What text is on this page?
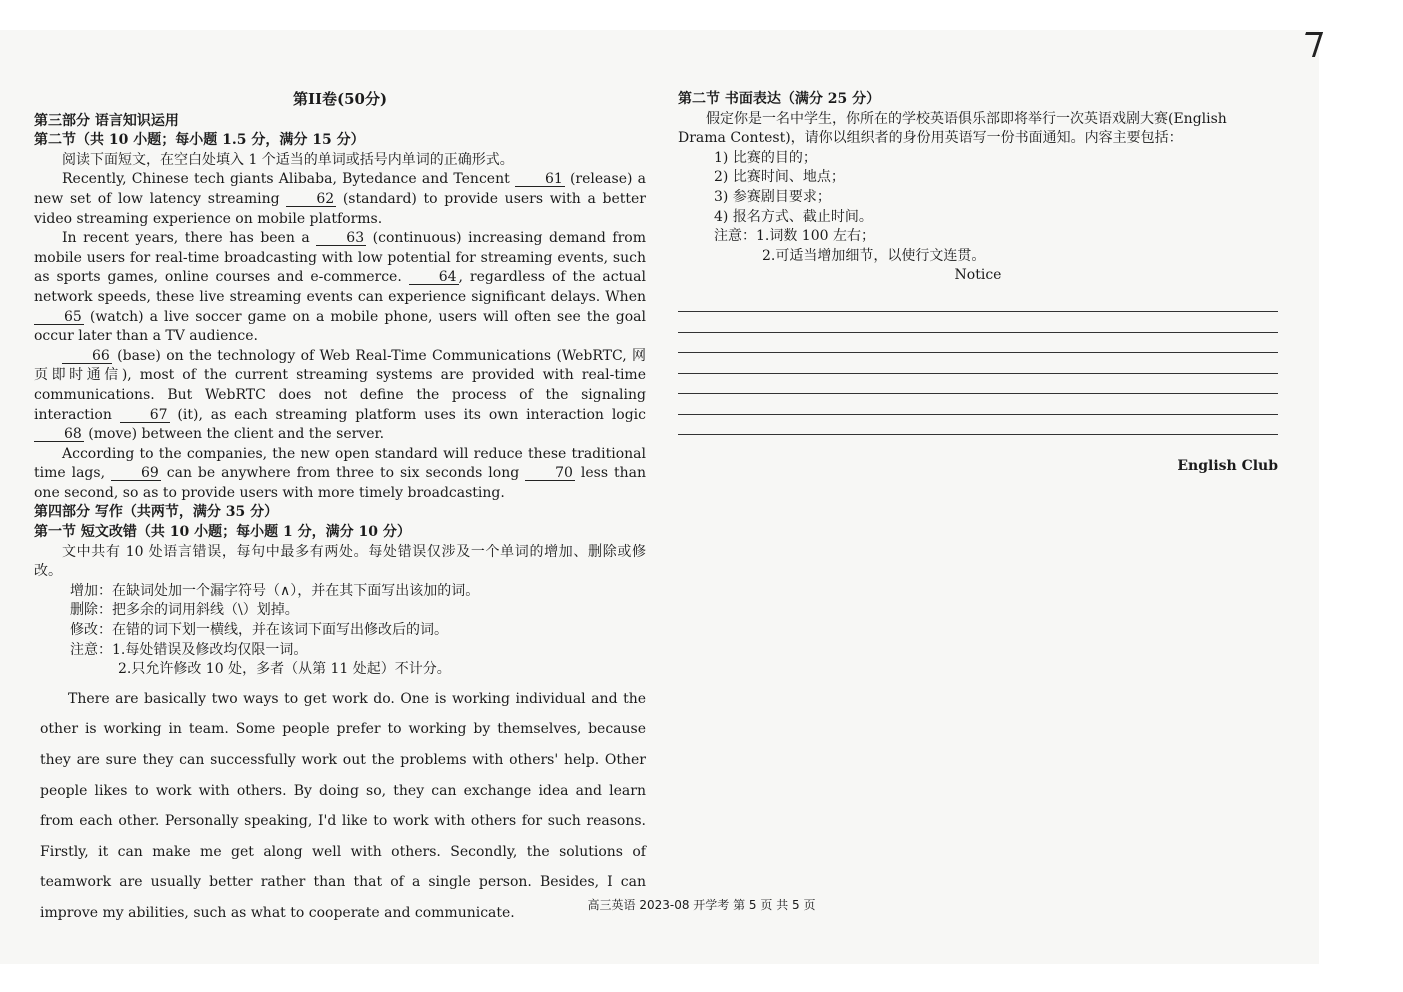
第II卷(50分)
第三部分 语言知识运用
第二节（共 10 小题；每小题 1.5 分，满分 15 分）
阅读下面短文，在空白处填入 1 个适当的单词或括号内单词的正确形式。
Recently, Chinese tech giants Alibaba, Bytedance and Tencent 61 (release) a new set of low latency streaming 62 (standard) to provide users with a better video streaming experience on mobile platforms.
In recent years, there has been a 63 (continuous) increasing demand from mobile users for real-time broadcasting with low potential for streaming events, such as sports games, online courses and e-commerce. 64 , regardless of the actual network speeds, these live streaming events can experience significant delays. When 65 (watch) a live soccer game on a mobile phone, users will often see the goal occur later than a TV audience.
66 (base) on the technology of Web Real-Time Communications (WebRTC, 网页即时通信), most of the current streaming systems are provided with real-time communications. But WebRTC does not define the process of the signaling interaction 67 (it), as each streaming platform uses its own interaction logic 68 (move) between the client and the server.
According to the companies, the new open standard will reduce these traditional time lags, 69 can be anywhere from three to six seconds long 70 less than one second, so as to provide users with more timely broadcasting.
第四部分 写作（共两节，满分 35 分）
第一节 短文改错（共 10 小题；每小题 1 分，满分 10 分）
文中共有 10 处语言错误，每句中最多有两处。每处错误仅涉及一个单词的增加、删除或修改。
增加：在缺词处加一个漏字符号（∧），并在其下面写出该加的词。
删除：把多余的词用斜线（\）划掉。
修改：在错的词下划一横线，并在该词下面写出修改后的词。
注意：1.每处错误及修改均仅限一词。
2.只允许修改 10 处，多者（从第 11 处起）不计分。
There are basically two ways to get work do. One is working individual and the other is working in team. Some people prefer to working by themselves, because they are sure they can successfully work out the problems with others' help. Other people likes to work with others. By doing so, they can exchange idea and learn from each other. Personally speaking, I'd like to work with others for such reasons. Firstly, it can make me get along well with others. Secondly, the solutions of teamwork are usually better rather than that of a single person. Besides, I can improve my abilities, such as what to cooperate and communicate.
第二节 书面表达（满分 25 分）
假定你是一名中学生，你所在的学校英语俱乐部即将举行一次英语戏剧大赛(English Drama Contest)，请你以组织者的身份用英语写一份书面通知。内容主要包括：
1) 比赛的目的；
2) 比赛时间、地点；
3) 参赛剧目要求；
4) 报名方式、截止时间。
注意：1.词数 100 左右；
2.可适当增加细节，以使行文连贯。
Notice
English Club
高三英语 2023-08 开学考 第 5 页 共 5 页
